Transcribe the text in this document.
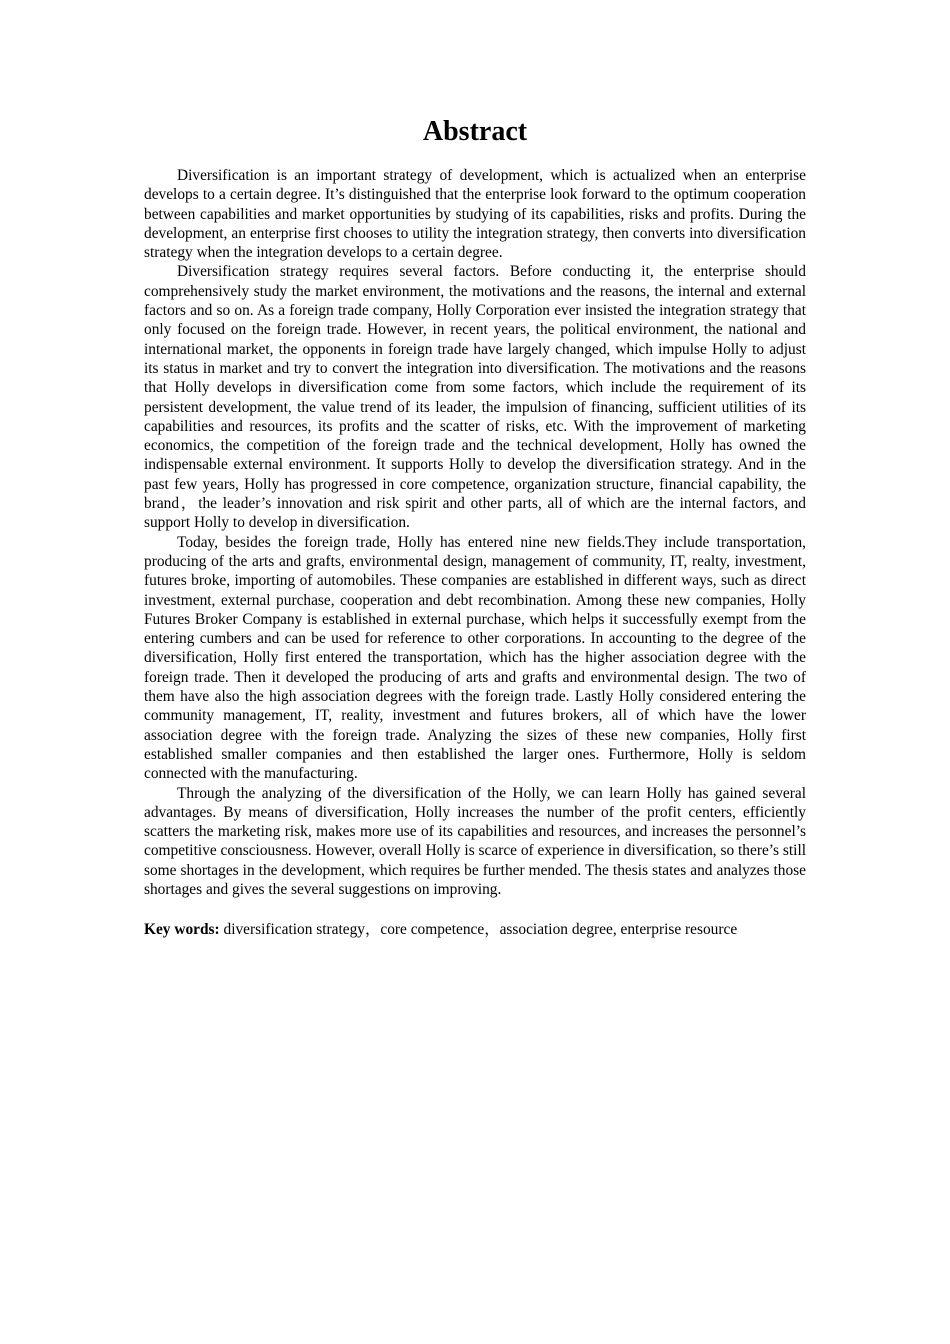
Abstract

Diversification is an important strategy of development, which is actualized when an enterprise develops to a certain degree. It’s distinguished that the enterprise look forward to the optimum cooperation between capabilities and market opportunities by studying of its capabilities, risks and profits. During the development, an enterprise first chooses to utility the integration strategy, then converts into diversification strategy when the integration develops to a certain degree.

Diversification strategy requires several factors. Before conducting it, the enterprise should comprehensively study the market environment, the motivations and the reasons, the internal and external factors and so on. As a foreign trade company, Holly Corporation ever insisted the integration strategy that only focused on the foreign trade. However, in recent years, the political environment, the national and international market, the opponents in foreign trade have largely changed, which impulse Holly to adjust its status in market and try to convert the integration into diversification. The motivations and the reasons that Holly develops in diversification come from some factors, which include the requirement of its persistent development, the value trend of its leader, the impulsion of financing, sufficient utilities of its capabilities and resources, its profits and the scatter of risks, etc. With the improvement of marketing economics, the competition of the foreign trade and the technical development, Holly has owned the indispensable external environment. It supports Holly to develop the diversification strategy. And in the past few years, Holly has progressed in core competence, organization structure, financial capability, the brand，the leader’s innovation and risk spirit and other parts, all of which are the internal factors, and support Holly to develop in diversification.

Today, besides the foreign trade, Holly has entered nine new fields.They include transportation, producing of the arts and grafts, environmental design, management of community, IT, realty, investment, futures broke, importing of automobiles. These companies are established in different ways, such as direct investment, external purchase, cooperation and debt recombination. Among these new companies, Holly Futures Broker Company is established in external purchase, which helps it successfully exempt from the entering cumbers and can be used for reference to other corporations. In accounting to the degree of the diversification, Holly first entered the transportation, which has the higher association degree with the foreign trade. Then it developed the producing of arts and grafts and environmental design. The two of them have also the high association degrees with the foreign trade. Lastly Holly considered entering the community management, IT, reality, investment and futures brokers, all of which have the lower association degree with the foreign trade. Analyzing the sizes of these new companies, Holly first established smaller companies and then established the larger ones. Furthermore, Holly is seldom connected with the manufacturing.

Through the analyzing of the diversification of the Holly, we can learn Holly has gained several advantages. By means of diversification, Holly increases the number of the profit centers, efficiently scatters the marketing risk, makes more use of its capabilities and resources, and increases the personnel’s competitive consciousness. However, overall Holly is scarce of experience in diversification, so there’s still some shortages in the development, which requires be further mended. The thesis states and analyzes those shortages and gives the several suggestions on improving.

Key words: diversification strategy，core competence，association degree, enterprise resource
